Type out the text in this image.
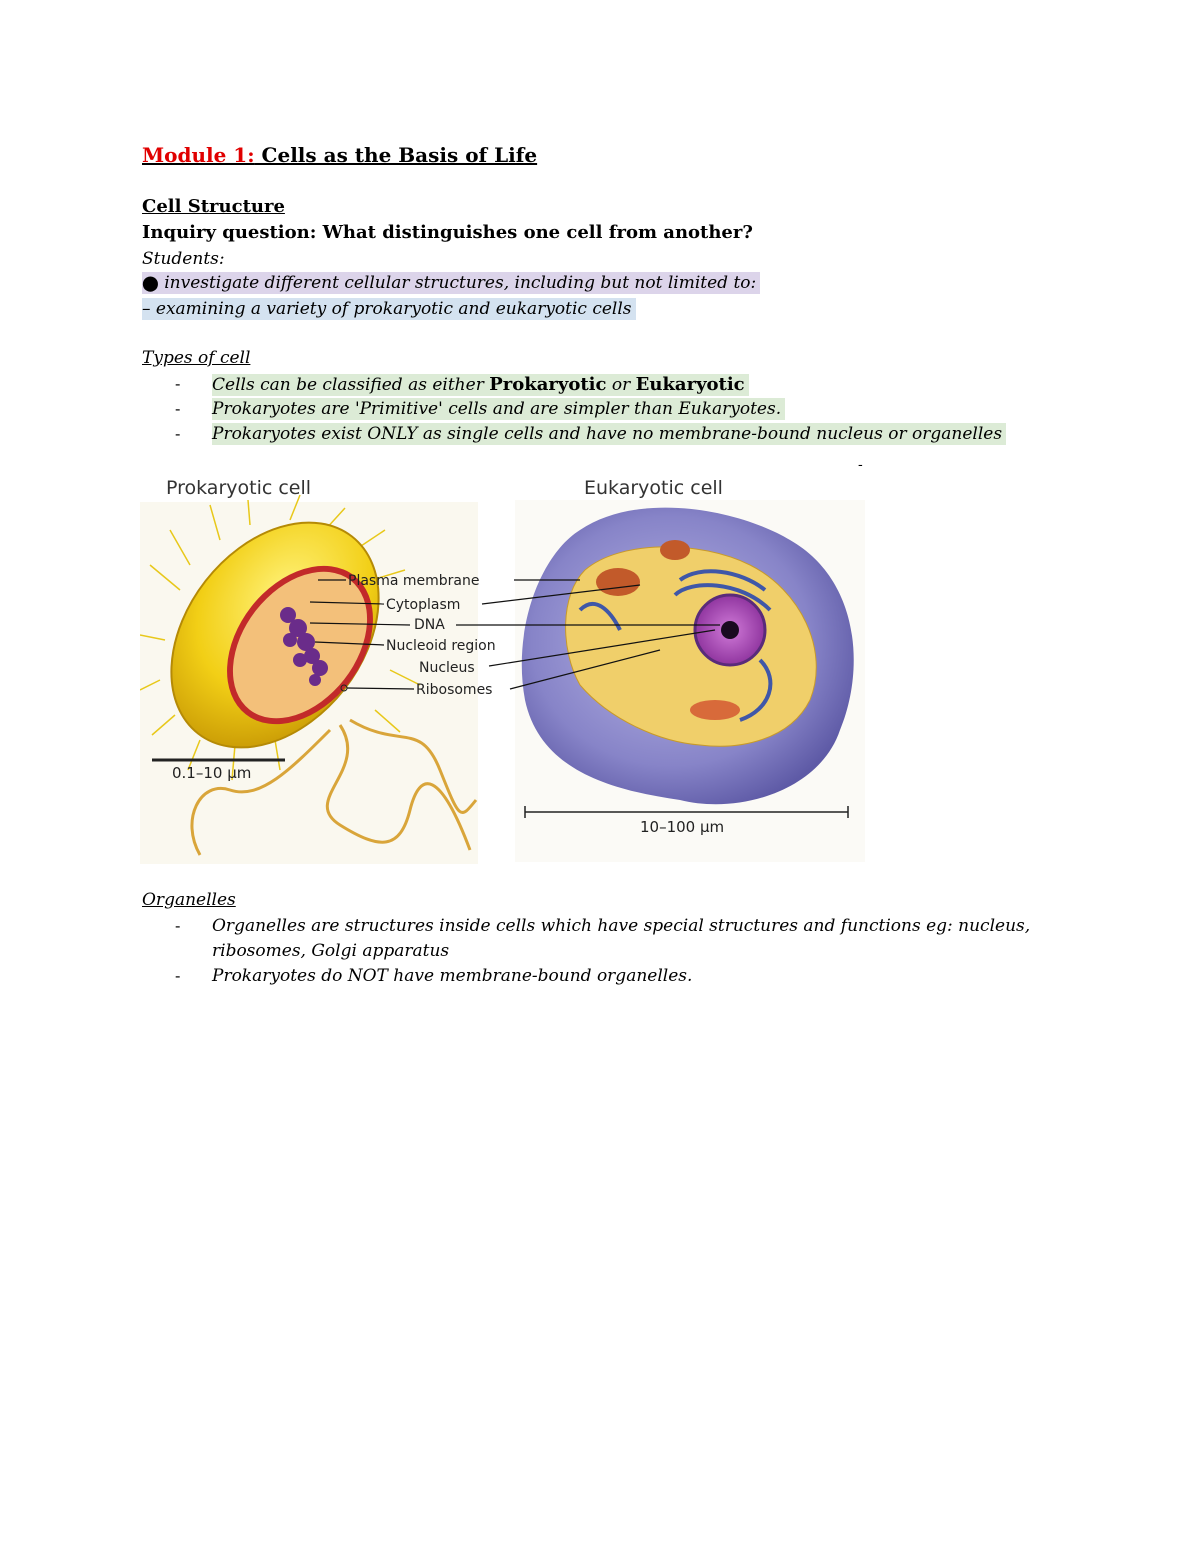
Module 1: Cells as the Basis of Life
Cell Structure
Inquiry question: What distinguishes one cell from another?
Students:
⬤ investigate different cellular structures, including but not limited to:
– examining a variety of prokaryotic and eukaryotic cells
Types of cell
- Cells can be classified as either Prokaryotic or Eukaryotic
- Prokaryotes are 'Primitive' cells and are simpler than Eukaryotes.
- Prokaryotes exist ONLY as single cells and have no membrane-bound nucleus or organelles
-
Prokaryotic cell	Eukaryotic cell
0.1–10 μm
Plasma membrane
Cytoplasm
DNA
Nucleoid region
Nucleus
Ribosomes
10–100 μm
Organelles
- Organelles are structures inside cells which have special structures and functions eg: nucleus,
ribosomes, Golgi apparatus
- Prokaryotes do NOT have membrane-bound organelles.
